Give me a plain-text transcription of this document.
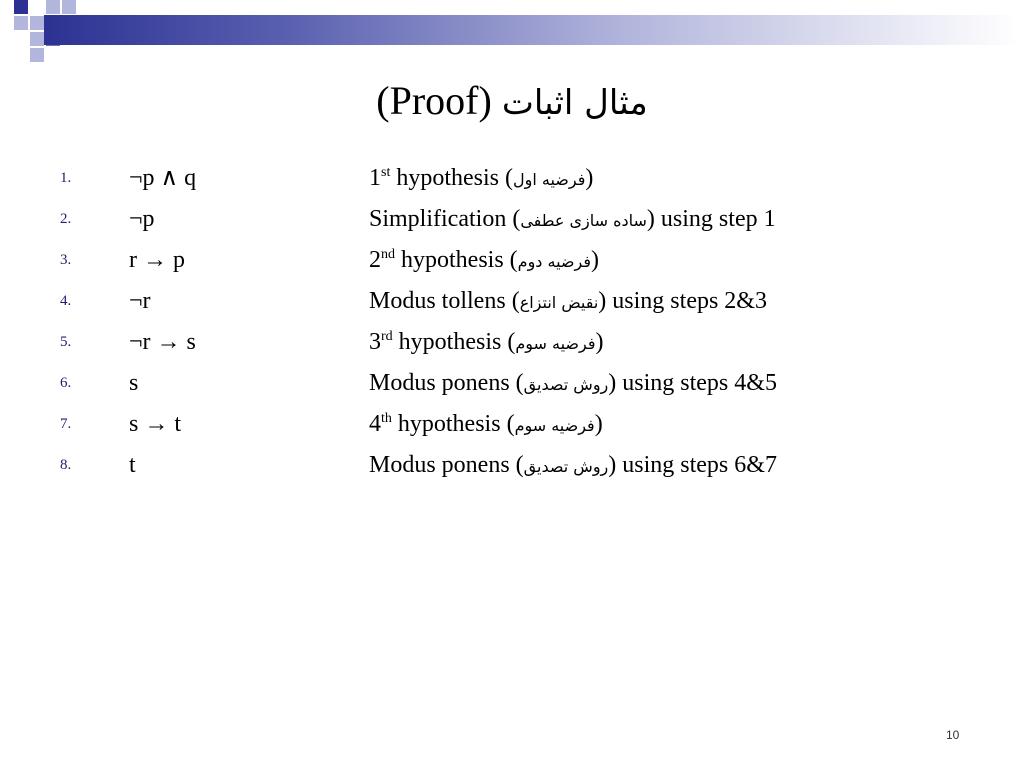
(Proof) مثال اثبات
1. ¬p ∧ q	1st hypothesis (فرضیه اول)
2. ¬p	Simplification (ساده سازی عطفی) using step 1
3. r → p	2nd hypothesis (فرضیه دوم)
4. ¬r	Modus tollens (نقیض انتزاع) using steps 2&3
5. ¬r → s	3rd hypothesis (فرضیه سوم)
6. s	Modus ponens (روش تصدیق) using steps 4&5
7. s → t	4th hypothesis (فرضیه سوم)
8. t	Modus ponens (روش تصدیق) using steps 6&7
10
